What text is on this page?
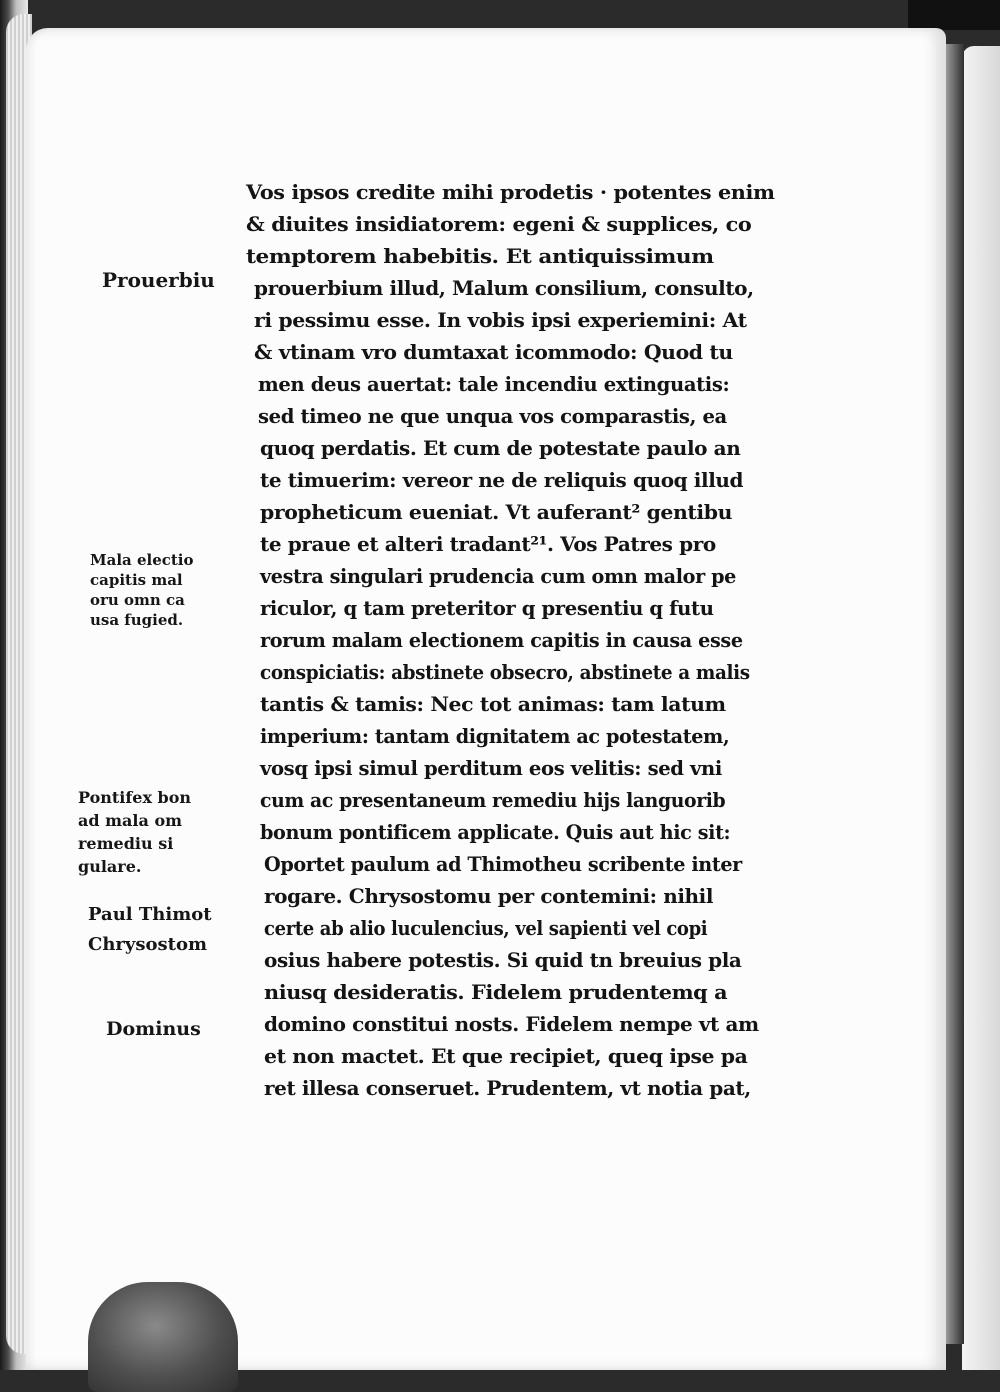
Vos ipsos credite mihi prodetis · potentes enim
& diuites insidiatorem: egeni & supplices, co
temptorem habebitis. Et antiquissimum
prouerbium illud, Malum consilium, consulto,
ri pessimu esse. In vobis ipsi experiemini: At
& vtinam vro dumtaxat icommodo: Quod tu
men deus auertat: tale incendiu extinguatis:
sed timeo ne que unqua vos comparastis, ea
quoq perdatis. Et cum de potestate paulo an
te timuerim: vereor ne de reliquis quoq illud
propheticum eueniat. Vt auferant² gentibu
te praue et alteri tradant²¹. Vos Patres pro
vestra singulari prudencia cum omn malor pe
riculor, q tam preteritor q presentiu q futu
rorum malam electionem capitis in causa esse
conspiciatis: abstinete obsecro, abstinete a malis
tantis & tamis: Nec tot animas: tam latum
imperium: tantam dignitatem ac potestatem,
vosq ipsi simul perditum eos velitis: sed vni
cum ac presentaneum remediu hijs languorib
bonum pontificem applicate. Quis aut hic sit:
Oportet paulum ad Thimotheu scribente inter
rogare. Chrysostomu per contemini: nihil
certe ab alio luculencius, vel sapienti vel copi
osius habere potestis. Si quid tn breuius pla
niusq desideratis. Fidelem prudentemq a
domino constitui nosts. Fidelem nempe vt am
et non mactet. Et que recipiet, queq ipse pa
ret illesa conseruet. Prudentem, vt notia pat,
Prouerbiu
Mala electio
capitis mal
oru omn ca
usa fugied.
Pontifex bon
ad mala om
remediu si
gulare.
Paul Thimot
Chrysostom
Dominus
